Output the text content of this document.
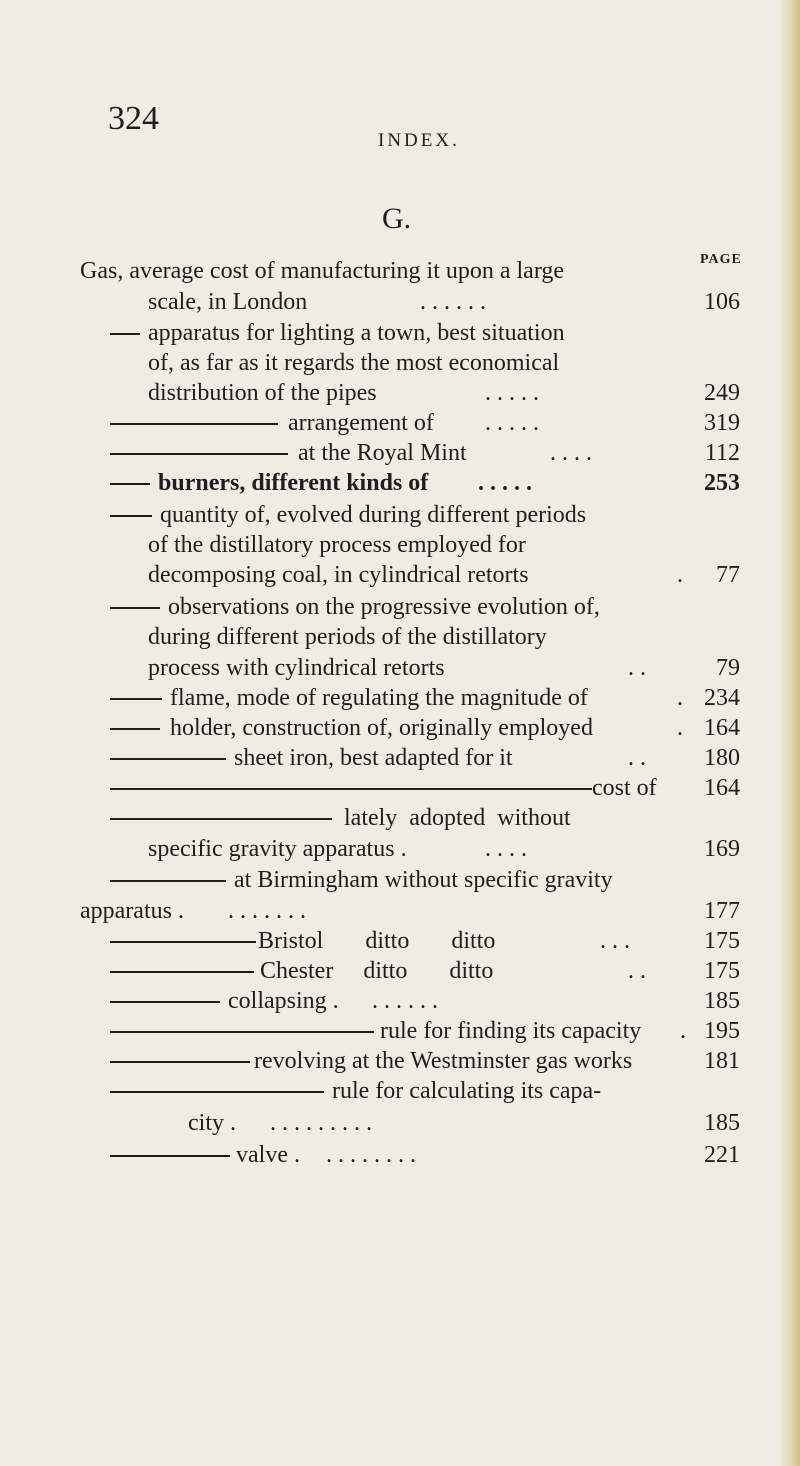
324
INDEX.
G.
PAGE
Gas, average cost of manufacturing it upon a large
scale, in London	. . . . . .	106
apparatus for lighting a town, best situation
of, as far as it regards the most economical
distribution of the pipes	. . . . .	249
arrangement of . . . . .	319
at the Royal Mint	. . . .	112
burners, different kinds of . . . . .	253
quantity of, evolved during different periods
of the distillatory process employed for
decomposing coal, in cylindrical retorts	. 77
observations on the progressive evolution of,
during different periods of the distillatory
process with cylindrical retorts	. .	79
flame, mode of regulating the magnitude of	. 234
holder, construction of, originally employed	. 164
sheet iron, best adapted for it	. . 180
cost of 164
lately adopted without
specific gravity apparatus .	. . . .	169
at Birmingham without specific gravity
apparatus . . . . . . . .	177
Bristol       ditto       ditto	. . .	175
Chester     ditto       ditto	. . 175
collapsing . . . . . . .	185
rule for finding its capacity . 195
revolving at the Westminster gas works	181
rule for calculating its capa-
city . . . . . . . . . .	185
valve . . . . . . . . .	221
